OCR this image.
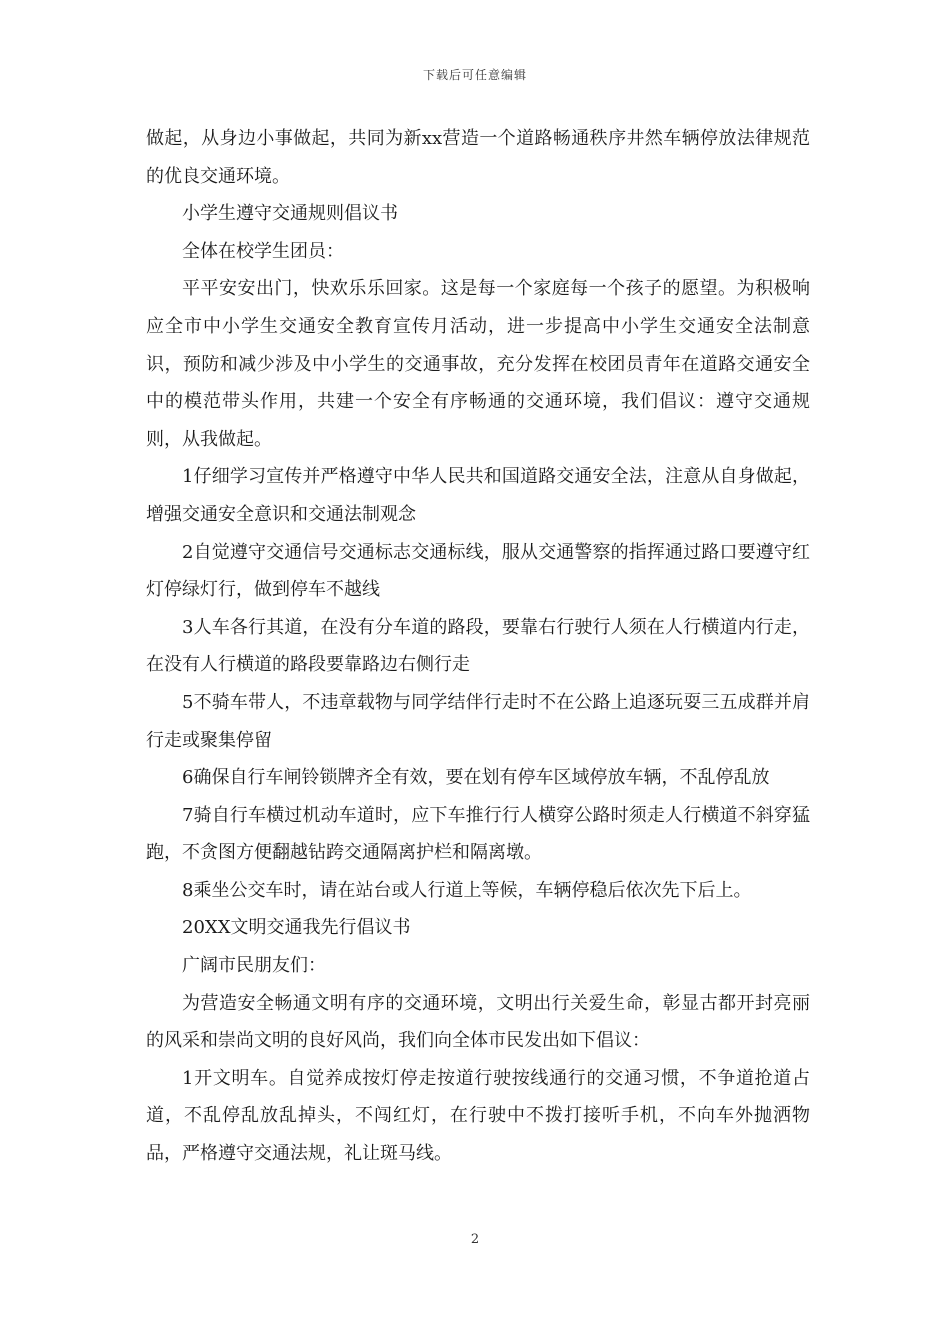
下载后可任意编辑

做起，从身边小事做起，共同为新xx营造一个道路畅通秩序井然车辆停放法律规范的优良交通环境。

小学生遵守交通规则倡议书

全体在校学生团员：

平平安安出门，快欢乐乐回家。这是每一个家庭每一个孩子的愿望。为积极响应全市中小学生交通安全教育宣传月活动，进一步提高中小学生交通安全法制意识，预防和减少涉及中小学生的交通事故，充分发挥在校团员青年在道路交通安全中的模范带头作用，共建一个安全有序畅通的交通环境，我们倡议：遵守交通规则，从我做起。

1仔细学习宣传并严格遵守中华人民共和国道路交通安全法，注意从自身做起，增强交通安全意识和交通法制观念

2自觉遵守交通信号交通标志交通标线，服从交通警察的指挥通过路口要遵守红灯停绿灯行，做到停车不越线

3人车各行其道，在没有分车道的路段，要靠右行驶行人须在人行横道内行走，在没有人行横道的路段要靠路边右侧行走

5不骑车带人，不违章载物与同学结伴行走时不在公路上追逐玩耍三五成群并肩行走或聚集停留

6确保自行车闸铃锁牌齐全有效，要在划有停车区域停放车辆，不乱停乱放

7骑自行车横过机动车道时，应下车推行行人横穿公路时须走人行横道不斜穿猛跑，不贪图方便翻越钻跨交通隔离护栏和隔离墩。

8乘坐公交车时，请在站台或人行道上等候，车辆停稳后依次先下后上。

20XX文明交通我先行倡议书

广阔市民朋友们：

为营造安全畅通文明有序的交通环境，文明出行关爱生命，彰显古都开封亮丽的风采和崇尚文明的良好风尚，我们向全体市民发出如下倡议：

1开文明车。自觉养成按灯停走按道行驶按线通行的交通习惯，不争道抢道占道，不乱停乱放乱掉头，不闯红灯，在行驶中不拨打接听手机，不向车外抛洒物品，严格遵守交通法规，礼让斑马线。

2
